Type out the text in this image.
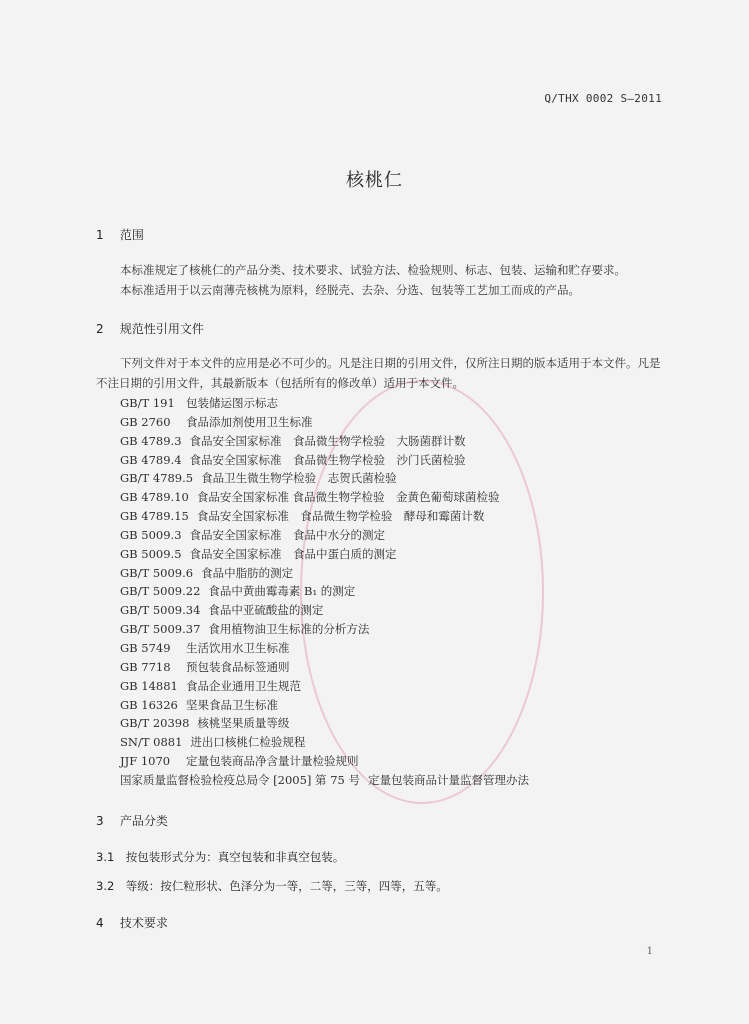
Q/THX 0002 S—2011
核桃仁
1 范围
本标准规定了核桃仁的产品分类、技术要求、试验方法、检验规则、标志、包装、运输和贮存要求。
本标准适用于以云南薄壳核桃为原料，经脱壳、去杂、分选、包装等工艺加工而成的产品。
2 规范性引用文件
下列文件对于本文件的应用是必不可少的。凡是注日期的引用文件，仅所注日期的版本适用于本文件。凡是不注日期的引用文件，其最新版本（包括所有的修改单）适用于本文件。
GB/T 191 包装储运图示标志
GB 2760 食品添加剂使用卫生标准
GB 4789.3 食品安全国家标准　食品微生物学检验　大肠菌群计数
GB 4789.4 食品安全国家标准　食品微生物学检验　沙门氏菌检验
GB/T 4789.5 食品卫生微生物学检验　志贺氏菌检验
GB 4789.10 食品安全国家标准 食品微生物学检验　金黄色葡萄球菌检验
GB 4789.15 食品安全国家标准　食品微生物学检验　酵母和霉菌计数
GB 5009.3 食品安全国家标准　食品中水分的测定
GB 5009.5 食品安全国家标准　食品中蛋白质的测定
GB/T 5009.6 食品中脂肪的测定
GB/T 5009.22 食品中黄曲霉毒素 B₁ 的测定
GB/T 5009.34 食品中亚硫酸盐的测定
GB/T 5009.37 食用植物油卫生标准的分析方法
GB 5749 生活饮用水卫生标准
GB 7718 预包装食品标签通则
GB 14881 食品企业通用卫生规范
GB 16326 坚果食品卫生标准
GB/T 20398 核桃坚果质量等级
SN/T 0881 进出口核桃仁检验规程
JJF 1070 定量包装商品净含量计量检验规则
国家质量监督检验检疫总局令 [2005] 第 75 号 定量包装商品计量监督管理办法
3 产品分类
3.1　按包装形式分为：真空包装和非真空包装。
3.2　等级：按仁粒形状、色泽分为一等，二等，三等，四等，五等。
4 技术要求
1
